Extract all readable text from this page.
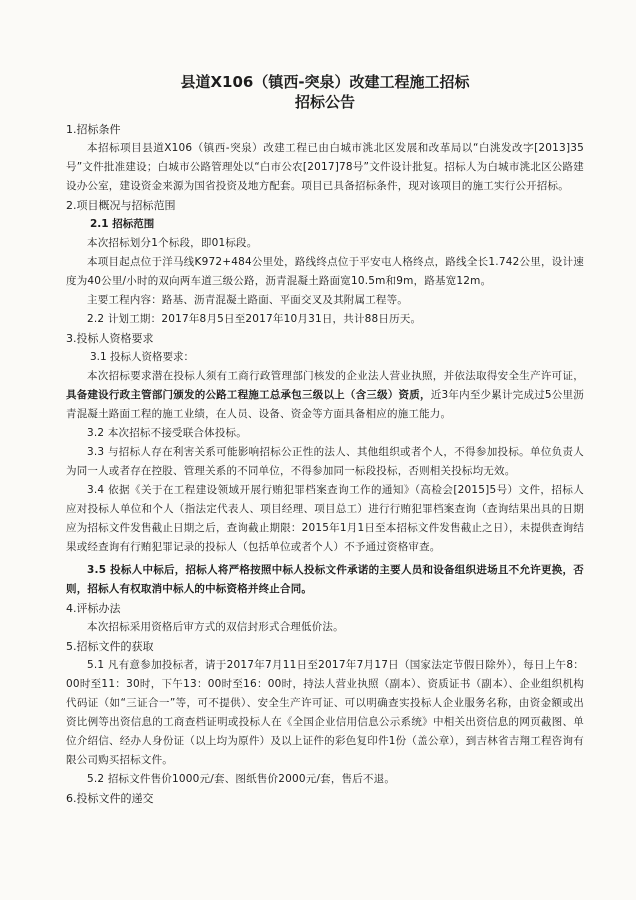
县道X106（镇西-突泉）改建工程施工招标

招标公告

1.招标条件

本招标项目县道X106（镇西-突泉）改建工程已由白城市洮北区发展和改革局以“白洮发改字[2013]35号”文件批准建设；白城市公路管理处以“白市公农[2017]78号”文件设计批复。招标人为白城市洮北区公路建设办公室，建设资金来源为国省投资及地方配套。项目已具备招标条件，现对该项目的施工实行公开招标。

2.项目概况与招标范围

2.1 招标范围

本次招标划分1个标段，即01标段。

本项目起点位于洋马线K972+484公里处，路线终点位于平安屯人格终点，路线全长1.742公里，设计速度为40公里/小时的双向两车道三级公路，沥青混凝土路面宽10.5m和9m，路基宽12m。

主要工程内容：路基、沥青混凝土路面、平面交叉及其附属工程等。

2.2 计划工期：2017年8月5日至2017年10月31日，共计88日历天。

3.投标人资格要求

3.1 投标人资格要求：

本次招标要求潜在投标人须有工商行政管理部门核发的企业法人营业执照，并依法取得安全生产许可证，具备建设行政主管部门颁发的公路工程施工总承包三级以上（含三级）资质，近3年内至少累计完成过5公里沥青混凝土路面工程的施工业绩，在人员、设备、资金等方面具备相应的施工能力。

3.2 本次招标不接受联合体投标。

3.3 与招标人存在利害关系可能影响招标公正性的法人、其他组织或者个人，不得参加投标。单位负责人为同一人或者存在控股、管理关系的不同单位，不得参加同一标段投标，否则相关投标均无效。

3.4 依据《关于在工程建设领域开展行贿犯罪档案查询工作的通知》（高检会[2015]5号）文件，招标人应对投标人单位和个人（指法定代表人、项目经理、项目总工）进行行贿犯罪档案查询（查询结果出具的日期应为招标文件发售截止日期之后，查询截止期限：2015年1月1日至本招标文件发售截止之日），未提供查询结果或经查询有行贿犯罪记录的投标人（包括单位或者个人）不予通过资格审查。

3.5 投标人中标后，招标人将严格按照中标人投标文件承诺的主要人员和设备组织进场且不允许更换，否则，招标人有权取消中标人的中标资格并终止合同。

4.评标办法

本次招标采用资格后审方式的双信封形式合理低价法。

5.招标文件的获取

5.1 凡有意参加投标者，请于2017年7月11日至2017年7月17日（国家法定节假日除外），每日上午8：00时至11：30时，下午13：00时至16：00时，持法人营业执照（副本）、资质证书（副本）、企业组织机构代码证（如“三证合一”等，可不提供）、安全生产许可证、可以明确查实投标人企业服务名称，由资金额或出资比例等出资信息的工商查档证明或投标人在《全国企业信用信息公示系统》中相关出资信息的网页截图、单位介绍信、经办人身份证（以上均为原件）及以上证件的彩色复印件1份（盖公章），到吉林省吉翔工程咨询有限公司购买招标文件。

5.2 招标文件售价1000元/套、图纸售价2000元/套，售后不退。

6.投标文件的递交
